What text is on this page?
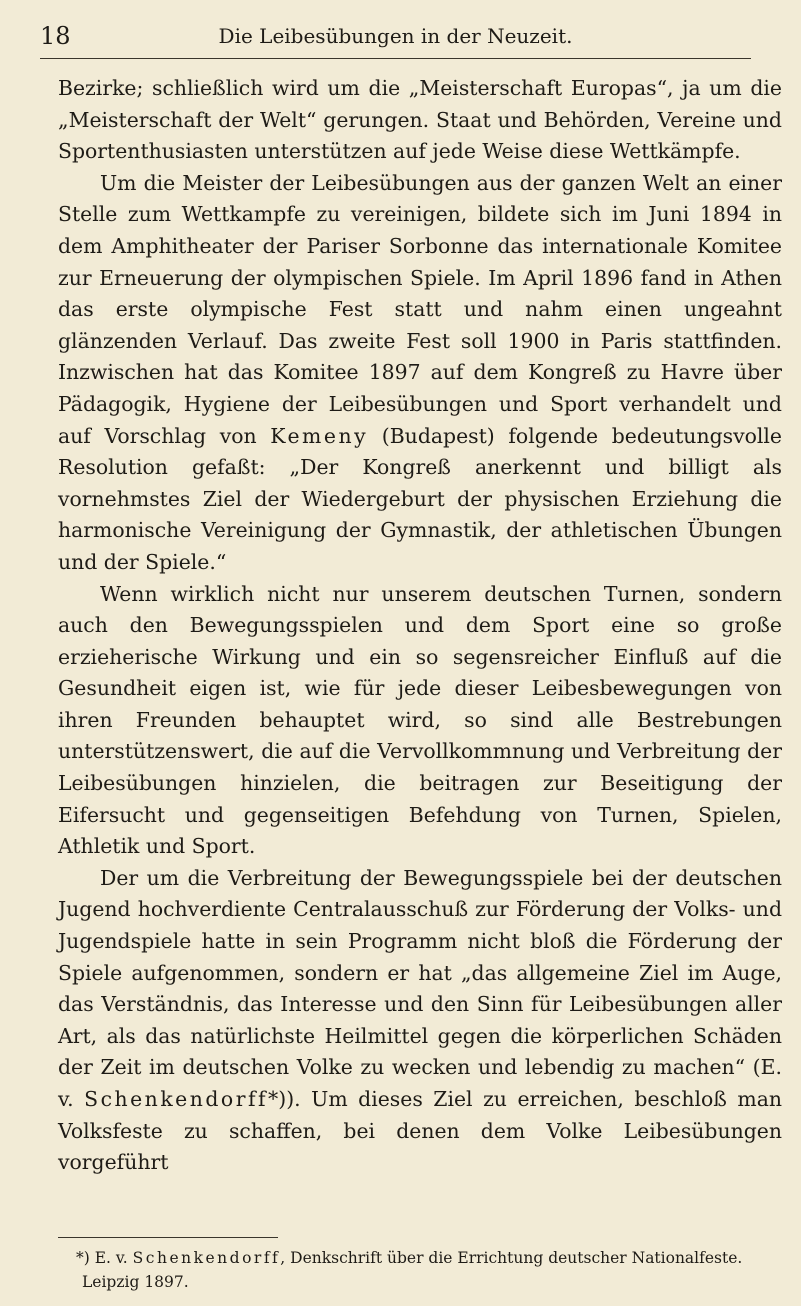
18	Die Leibesübungen in der Neuzeit.

Bezirke; schließlich wird um die „Meisterschaft Europas“, ja um die „Meisterschaft der Welt“ gerungen. Staat und Behörden, Vereine und Sportenthusiasten unterstützen auf jede Weise diese Wettkämpfe.

Um die Meister der Leibesübungen aus der ganzen Welt an einer Stelle zum Wettkampfe zu vereinigen, bildete sich im Juni 1894 in dem Amphitheater der Pariser Sorbonne das internationale Komitee zur Erneuerung der olympischen Spiele. Im April 1896 fand in Athen das erste olympische Fest statt und nahm einen ungeahnt glänzenden Verlauf. Das zweite Fest soll 1900 in Paris stattfinden. Inzwischen hat das Komitee 1897 auf dem Kongreß zu Havre über Pädagogik, Hygiene der Leibesübungen und Sport verhandelt und auf Vorschlag von Kemeny (Budapest) folgende bedeutungsvolle Resolution gefaßt: „Der Kongreß anerkennt und billigt als vornehmstes Ziel der Wiedergeburt der physischen Erziehung die harmonische Vereinigung der Gymnastik, der athletischen Übungen und der Spiele.“

Wenn wirklich nicht nur unserem deutschen Turnen, sondern auch den Bewegungsspielen und dem Sport eine so große erzieherische Wirkung und ein so segensreicher Einfluß auf die Gesundheit eigen ist, wie für jede dieser Leibesbewegungen von ihren Freunden behauptet wird, so sind alle Bestrebungen unterstützenswert, die auf die Vervollkommnung und Verbreitung der Leibesübungen hinzielen, die beitragen zur Beseitigung der Eifersucht und gegenseitigen Befehdung von Turnen, Spielen, Athletik und Sport.

Der um die Verbreitung der Bewegungsspiele bei der deutschen Jugend hochverdiente Centralausschuß zur Förderung der Volks- und Jugendspiele hatte in sein Programm nicht bloß die Förderung der Spiele aufgenommen, sondern er hat „das allgemeine Ziel im Auge, das Verständnis, das Interesse und den Sinn für Leibesübungen aller Art, als das natürlichste Heilmittel gegen die körperlichen Schäden der Zeit im deutschen Volke zu wecken und lebendig zu machen“ (E. v. Schenkendorff*)). Um dieses Ziel zu erreichen, beschloß man Volksfeste zu schaffen, bei denen dem Volke Leibesübungen vorgeführt

*) E. v. Schenkendorff, Denkschrift über die Errichtung deutscher Nationalfeste. Leipzig 1897.
